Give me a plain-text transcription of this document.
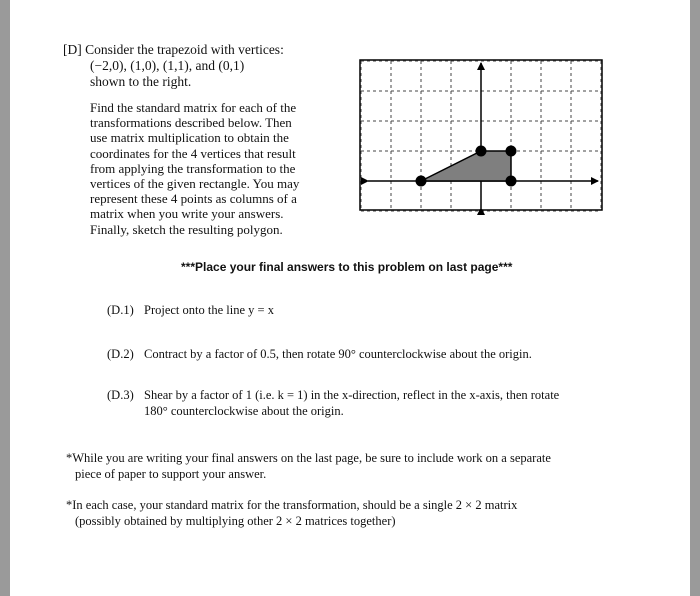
[D] Consider the trapezoid with vertices:
(−2,0), (1,0), (1,1), and (0,1)
shown to the right.
Find the standard matrix for each of the
transformations described below. Then
use matrix multiplication to obtain the
coordinates for the 4 vertices that result
from applying the transformation to the
vertices of the given rectangle. You may
represent these 4 points as columns of a
matrix when you write your answers.
Finally, sketch the resulting polygon.
***Place your final answers to this problem on last page***
(D.1) Project onto the line y = x
(D.2) Contract by a factor of 0.5, then rotate 90° counterclockwise about the origin.
(D.3) Shear by a factor of 1 (i.e. k = 1) in the x-direction, reflect in the x-axis, then rotate
180° counterclockwise about the origin.
*While you are writing your final answers on the last page, be sure to include work on a separate
piece of paper to support your answer.
*In each case, your standard matrix for the transformation, should be a single 2 × 2 matrix
(possibly obtained by multiplying other 2 × 2 matrices together)
